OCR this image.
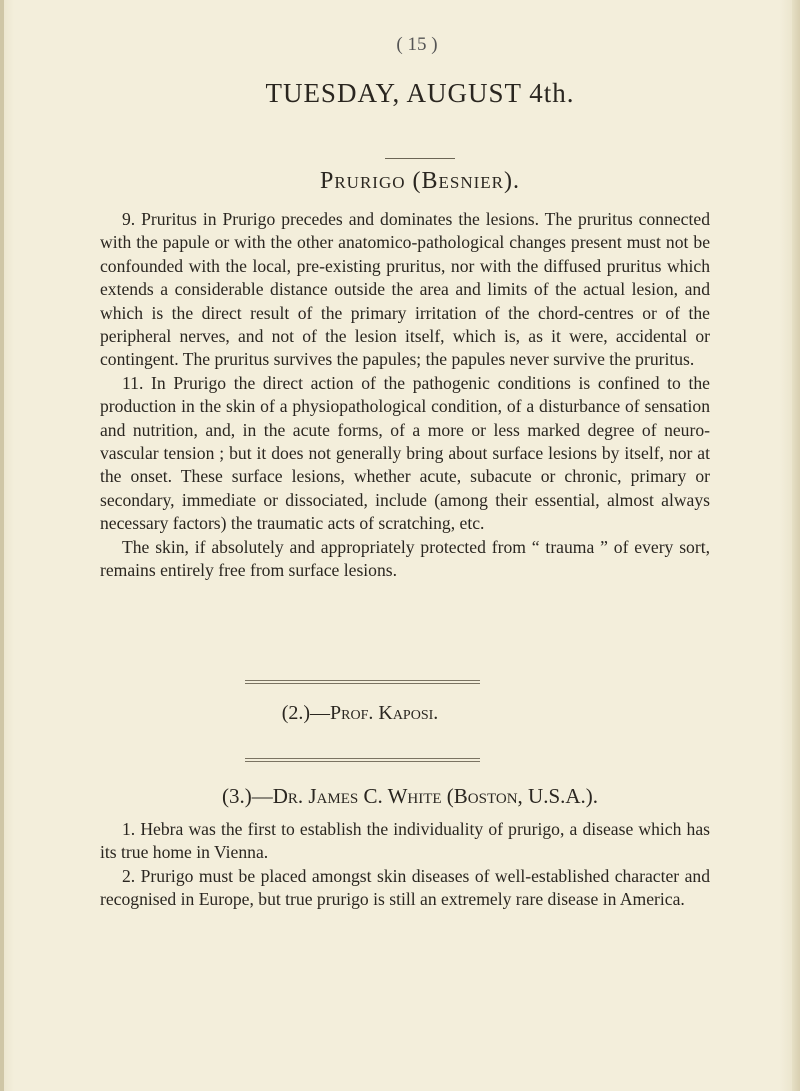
( 15 )
TUESDAY, AUGUST 4th.
Prurigo (Besnier).

9. Pruritus in Prurigo precedes and dominates the lesions. The pruritus connected with the papule or with the other anatomico-pathological changes present must not be confounded with the local, pre-existing pruritus, nor with the diffused pruritus which extends a considerable distance outside the area and limits of the actual lesion, and which is the direct result of the primary irritation of the chord-centres or of the peripheral nerves, and not of the lesion itself, which is, as it were, accidental or contingent. The pruritus survives the papules; the papules never survive the pruritus.

11. In Prurigo the direct action of the pathogenic conditions is confined to the production in the skin of a physiopathological condition, of a disturbance of sensation and nutrition, and, in the acute forms, of a more or less marked degree of neuro-vascular tension ; but it does not generally bring about surface lesions by itself, nor at the onset. These surface lesions, whether acute, subacute or chronic, primary or secondary, immediate or dissociated, include (among their essential, almost always necessary factors) the traumatic acts of scratching, etc.

The skin, if absolutely and appropriately protected from “ trauma ” of every sort, remains entirely free from surface lesions.

(2.)—Prof. Kaposi.
(3.)—Dr. James C. White (Boston, U.S.A.).

1. Hebra was the first to establish the individuality of prurigo, a disease which has its true home in Vienna.

2. Prurigo must be placed amongst skin diseases of well-established character and recognised in Europe, but true prurigo is still an extremely rare disease in America.
